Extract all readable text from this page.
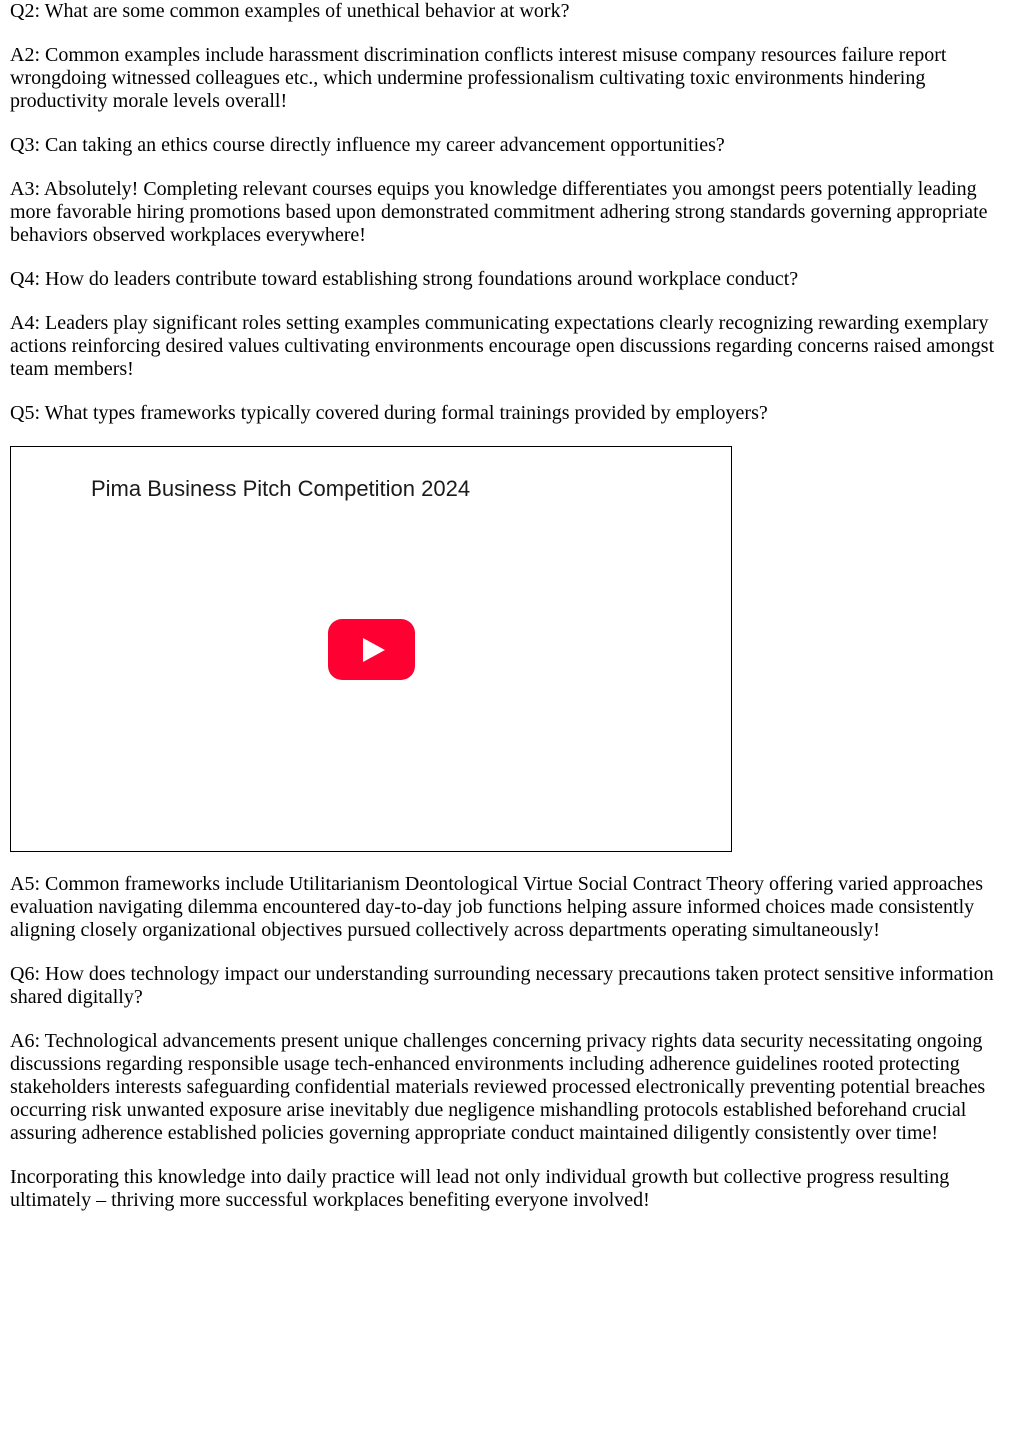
Q2: What are some common examples of unethical behavior at work?

A2: Common examples include harassment discrimination conflicts interest misuse company resources failure report wrongdoing witnessed colleagues etc., which undermine professionalism cultivating toxic environments hindering productivity morale levels overall!

Q3: Can taking an ethics course directly influence my career advancement opportunities?

A3: Absolutely! Completing relevant courses equips you knowledge differentiates you amongst peers potentially leading more favorable hiring promotions based upon demonstrated commitment adhering strong standards governing appropriate behaviors observed workplaces everywhere!

Q4: How do leaders contribute toward establishing strong foundations around workplace conduct?

A4: Leaders play significant roles setting examples communicating expectations clearly recognizing rewarding exemplary actions reinforcing desired values cultivating environments encourage open discussions regarding concerns raised amongst team members!

Q5: What types frameworks typically covered during formal trainings provided by employers?

Pima Business Pitch Competition 2024

A5: Common frameworks include Utilitarianism Deontological Virtue Social Contract Theory offering varied approaches evaluation navigating dilemma encountered day-to-day job functions helping assure informed choices made consistently aligning closely organizational objectives pursued collectively across departments operating simultaneously!

Q6: How does technology impact our understanding surrounding necessary precautions taken protect sensitive information shared digitally?

A6: Technological advancements present unique challenges concerning privacy rights data security necessitating ongoing discussions regarding responsible usage tech-enhanced environments including adherence guidelines rooted protecting stakeholders interests safeguarding confidential materials reviewed processed electronically preventing potential breaches occurring risk unwanted exposure arise inevitably due negligence mishandling protocols established beforehand crucial assuring adherence established policies governing appropriate conduct maintained diligently consistently over time!

Incorporating this knowledge into daily practice will lead not only individual growth but collective progress resulting ultimately – thriving more successful workplaces benefiting everyone involved!
